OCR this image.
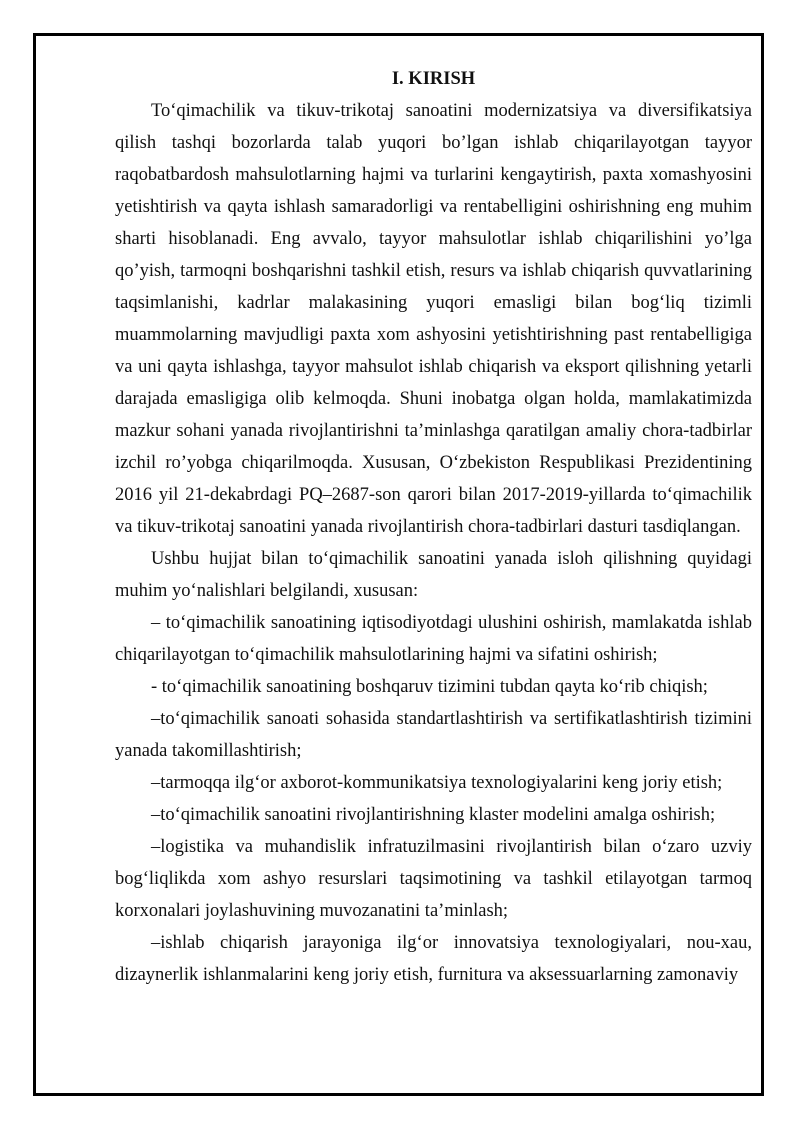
I. KIRISH

To‘qimachilik va tikuv-trikotaj sanoatini modernizatsiya va diversifikatsiya qilish tashqi bozorlarda talab yuqori bo’lgan ishlab chiqarilayotgan tayyor raqobatbardosh mahsulotlarning hajmi va turlarini kengaytirish, paxta xomashyosini yetishtirish va qayta ishlash samaradorligi va rentabelligini oshirishning eng muhim sharti hisoblanadi. Eng avvalo, tayyor mahsulotlar ishlab chiqarilishini yo’lga qo’yish, tarmoqni boshqarishni tashkil etish, resurs va ishlab chiqarish quvvatlarining taqsimlanishi, kadrlar malakasining yuqori emasligi bilan bog‘liq tizimli muammolarning mavjudligi paxta xom ashyosini yetishtirishning past rentabelligiga va uni qayta ishlashga, tayyor mahsulot ishlab chiqarish va eksport qilishning yetarli darajada emasligiga olib kelmoqda. Shuni inobatga olgan holda, mamlakatimizda mazkur sohani yanada rivojlantirishni ta’minlashga qaratilgan amaliy chora-tadbirlar izchil ro’yobga chiqarilmoqda. Xususan, O‘zbekiston Respublikasi Prezidentining 2016 yil 21-dekabrdagi PQ–2687-son qarori bilan 2017-2019-yillarda to‘qimachilik va tikuv-trikotaj sanoatini yanada rivojlantirish chora-tadbirlari dasturi tasdiqlangan.

Ushbu hujjat bilan to‘qimachilik sanoatini yanada isloh qilishning quyidagi muhim yo‘nalishlari belgilandi, xususan:

– to‘qimachilik sanoatining iqtisodiyotdagi ulushini oshirish, mamlakatda ishlab chiqarilayotgan to‘qimachilik mahsulotlarining hajmi va sifatini oshirish;

- to‘qimachilik sanoatining boshqaruv tizimini tubdan qayta ko‘rib chiqish;

–to‘qimachilik sanoati sohasida standartlashtirish va sertifikatlashtirish tizimini yanada takomillashtirish;

–tarmoqqa ilg‘or axborot-kommunikatsiya texnologiyalarini keng joriy etish;

–to‘qimachilik sanoatini rivojlantirishning klaster modelini amalga oshirish;

–logistika va muhandislik infratuzilmasini rivojlantirish bilan o‘zaro uzviy bog‘liqlikda xom ashyo resurslari taqsimotining va tashkil etilayotgan tarmoq korxonalari joylashuvining muvozanatini ta’minlash;

–ishlab chiqarish jarayoniga ilg‘or innovatsiya texnologiyalari, nou-xau, dizaynerlik ishlanmalarini keng joriy etish, furnitura va aksessuarlarning zamonaviy
